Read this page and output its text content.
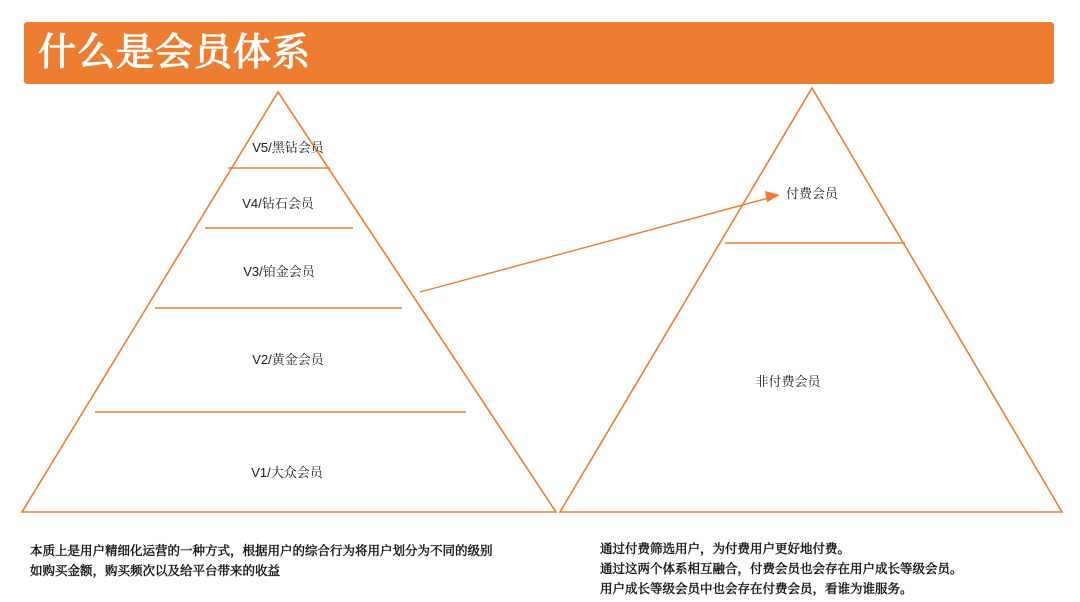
什么是会员体系
V5/黑钻会员
V4/钻石会员
V3/铂金会员
V2/黄金会员
V1/大众会员
付费会员
非付费会员
本质上是用户精细化运营的一种方式，根据用户的综合行为将用户划分为不同的级别
如购买金额，购买频次以及给平台带来的收益
通过付费筛选用户，为付费用户更好地付费。
通过这两个体系相互融合，付费会员也会存在用户成长等级会员。
用户成长等级会员中也会存在付费会员，看谁为谁服务。
